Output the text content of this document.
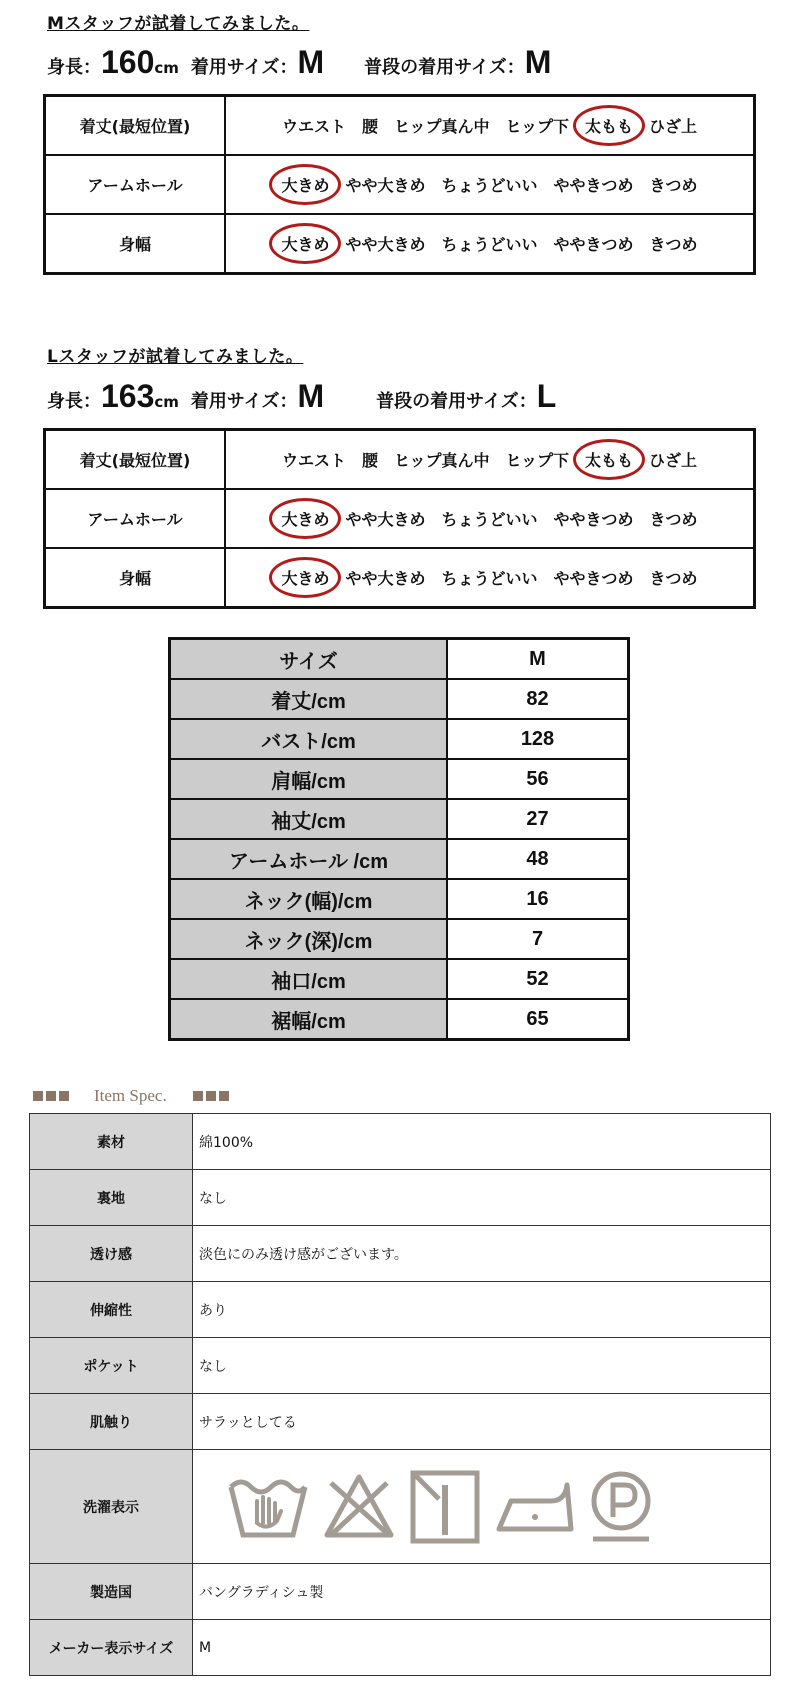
Mスタッフが試着してみました。
身長：160cm 着用サイズ：M 普段の着用サイズ：M
着丈(最短位置)	ウエスト 腰 ヒップ真ん中 ヒップ下 太もも ひざ上
アームホール	大きめ やや大きめ ちょうどいい ややきつめ きつめ
身幅	大きめ やや大きめ ちょうどいい ややきつめ きつめ
Lスタッフが試着してみました。
身長：163cm 着用サイズ：M	普段の着用サイズ：L
着丈(最短位置)	ウエスト 腰 ヒップ真ん中 ヒップ下 太もも ひざ上
アームホール	大きめ やや大きめ ちょうどいい ややきつめ きつめ
身幅	大きめ やや大きめ ちょうどいい ややきつめ きつめ
サイズ	M
着丈/cm	82
バスト/cm	128
肩幅/cm	56
袖丈/cm	27
アームホール /cm	48
ネック(幅)/cm	16
ネック(深)/cm	7
袖口/cm	52
裾幅/cm	65
Item Spec.
素材	綿100%
裏地	なし
透け感	淡色にのみ透け感がございます。
伸縮性	あり
ポケット	なし
肌触り	サラッとしてる
洗濯表示	

製造国	バングラディシュ製
メーカー表示サイズ	M
